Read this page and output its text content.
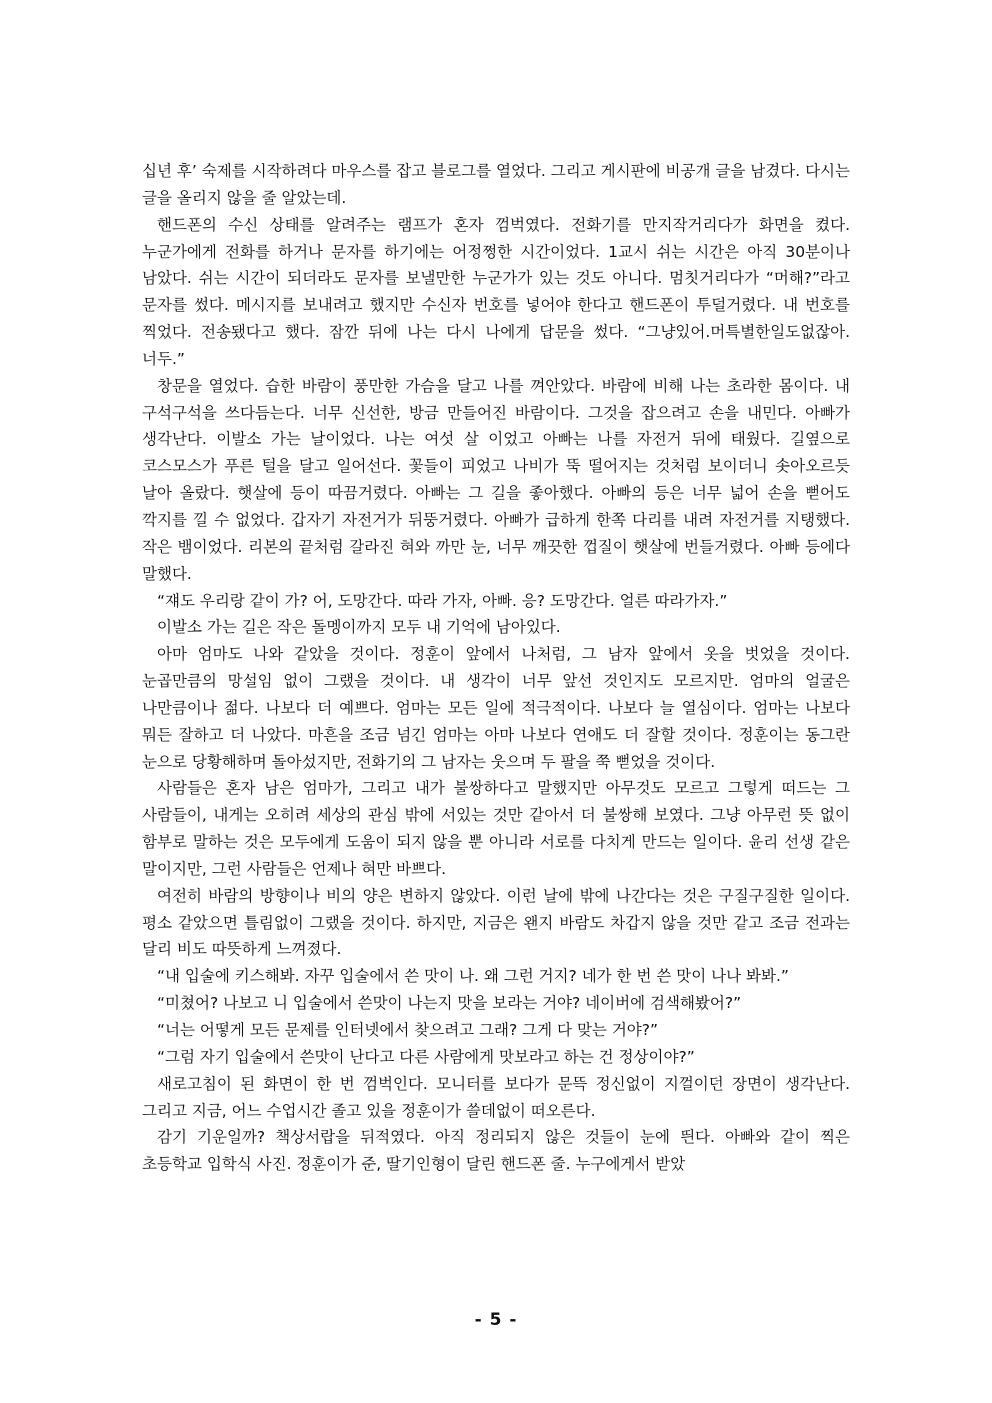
십년 후’ 숙제를 시작하려다 마우스를 잡고 블로그를 열었다. 그리고 게시판에 비공개 글을 남겼다. 다시는 글을 올리지 않을 줄 알았는데.

핸드폰의 수신 상태를 알려주는 램프가 혼자 껌벅였다. 전화기를 만지작거리다가 화면을 켰다. 누군가에게 전화를 하거나 문자를 하기에는 어정쩡한 시간이었다. 1교시 쉬는 시간은 아직 30분이나 남았다. 쉬는 시간이 되더라도 문자를 보낼만한 누군가가 있는 것도 아니다. 멈칫거리다가 “머해?”라고 문자를 썼다. 메시지를 보내려고 했지만 수신자 번호를 넣어야 한다고 핸드폰이 투덜거렸다. 내 번호를 찍었다. 전송됐다고 했다. 잠깐 뒤에 나는 다시 나에게 답문을 썼다. “그냥있어.머특별한일도없잖아.너두.”

창문을 열었다. 습한 바람이 풍만한 가슴을 달고 나를 껴안았다. 바람에 비해 나는 초라한 몸이다. 내 구석구석을 쓰다듬는다. 너무 신선한, 방금 만들어진 바람이다. 그것을 잡으려고 손을 내민다. 아빠가 생각난다. 이발소 가는 날이었다. 나는 여섯 살 이었고 아빠는 나를 자전거 뒤에 태웠다. 길옆으로 코스모스가 푸른 털을 달고 일어선다. 꽃들이 피었고 나비가 뚝 떨어지는 것처럼 보이더니 솟아오르듯 날아 올랐다. 햇살에 등이 따끔거렸다. 아빠는 그 길을 좋아했다. 아빠의 등은 너무 넓어 손을 뻗어도 깍지를 낄 수 없었다. 갑자기 자전거가 뒤뚱거렸다. 아빠가 급하게 한쪽 다리를 내려 자전거를 지탱했다. 작은 뱀이었다. 리본의 끝처럼 갈라진 혀와 까만 눈, 너무 깨끗한 껍질이 햇살에 번들거렸다. 아빠 등에다 말했다.

“쟤도 우리랑 같이 가? 어, 도망간다. 따라 가자, 아빠. 응? 도망간다. 얼른 따라가자.”

이발소 가는 길은 작은 돌멩이까지 모두 내 기억에 남아있다.

아마 엄마도 나와 같았을 것이다. 정훈이 앞에서 나처럼, 그 남자 앞에서 옷을 벗었을 것이다. 눈곱만큼의 망설임 없이 그랬을 것이다. 내 생각이 너무 앞선 것인지도 모르지만. 엄마의 얼굴은 나만큼이나 젊다. 나보다 더 예쁘다. 엄마는 모든 일에 적극적이다. 나보다 늘 열심이다. 엄마는 나보다 뭐든 잘하고 더 나았다. 마흔을 조금 넘긴 엄마는 아마 나보다 연애도 더 잘할 것이다. 정훈이는 동그란 눈으로 당황해하며 돌아섰지만, 전화기의 그 남자는 웃으며 두 팔을 쭉 뻗었을 것이다.

사람들은 혼자 남은 엄마가, 그리고 내가 불쌍하다고 말했지만 아무것도 모르고 그렇게 떠드는 그 사람들이, 내게는 오히려 세상의 관심 밖에 서있는 것만 같아서 더 불쌍해 보였다. 그냥 아무런 뜻 없이 함부로 말하는 것은 모두에게 도움이 되지 않을 뿐 아니라 서로를 다치게 만드는 일이다. 윤리 선생 같은 말이지만, 그런 사람들은 언제나 혀만 바쁘다.

여전히 바람의 방향이나 비의 양은 변하지 않았다. 이런 날에 밖에 나간다는 것은 구질구질한 일이다. 평소 같았으면 틀림없이 그랬을 것이다. 하지만, 지금은 왠지 바람도 차갑지 않을 것만 같고 조금 전과는 달리 비도 따뜻하게 느껴졌다.

“내 입술에 키스해봐. 자꾸 입술에서 쓴 맛이 나. 왜 그런 거지? 네가 한 번 쓴 맛이 나나 봐봐.”

“미쳤어? 나보고 니 입술에서 쓴맛이 나는지 맛을 보라는 거야? 네이버에 검색해봤어?”

“너는 어떻게 모든 문제를 인터넷에서 찾으려고 그래? 그게 다 맞는 거야?”

“그럼 자기 입술에서 쓴맛이 난다고 다른 사람에게 맛보라고 하는 건 정상이야?”

새로고침이 된 화면이 한 번 껌벅인다. 모니터를 보다가 문뜩 정신없이 지껄이던 장면이 생각난다. 그리고 지금, 어느 수업시간 졸고 있을 정훈이가 쓸데없이 떠오른다.

감기 기운일까? 책상서랍을 뒤적였다. 아직 정리되지 않은 것들이 눈에 띈다. 아빠와 같이 찍은 초등학교 입학식 사진. 정훈이가 준, 딸기인형이 달린 핸드폰 줄. 누구에게서 받았

- 5 -
